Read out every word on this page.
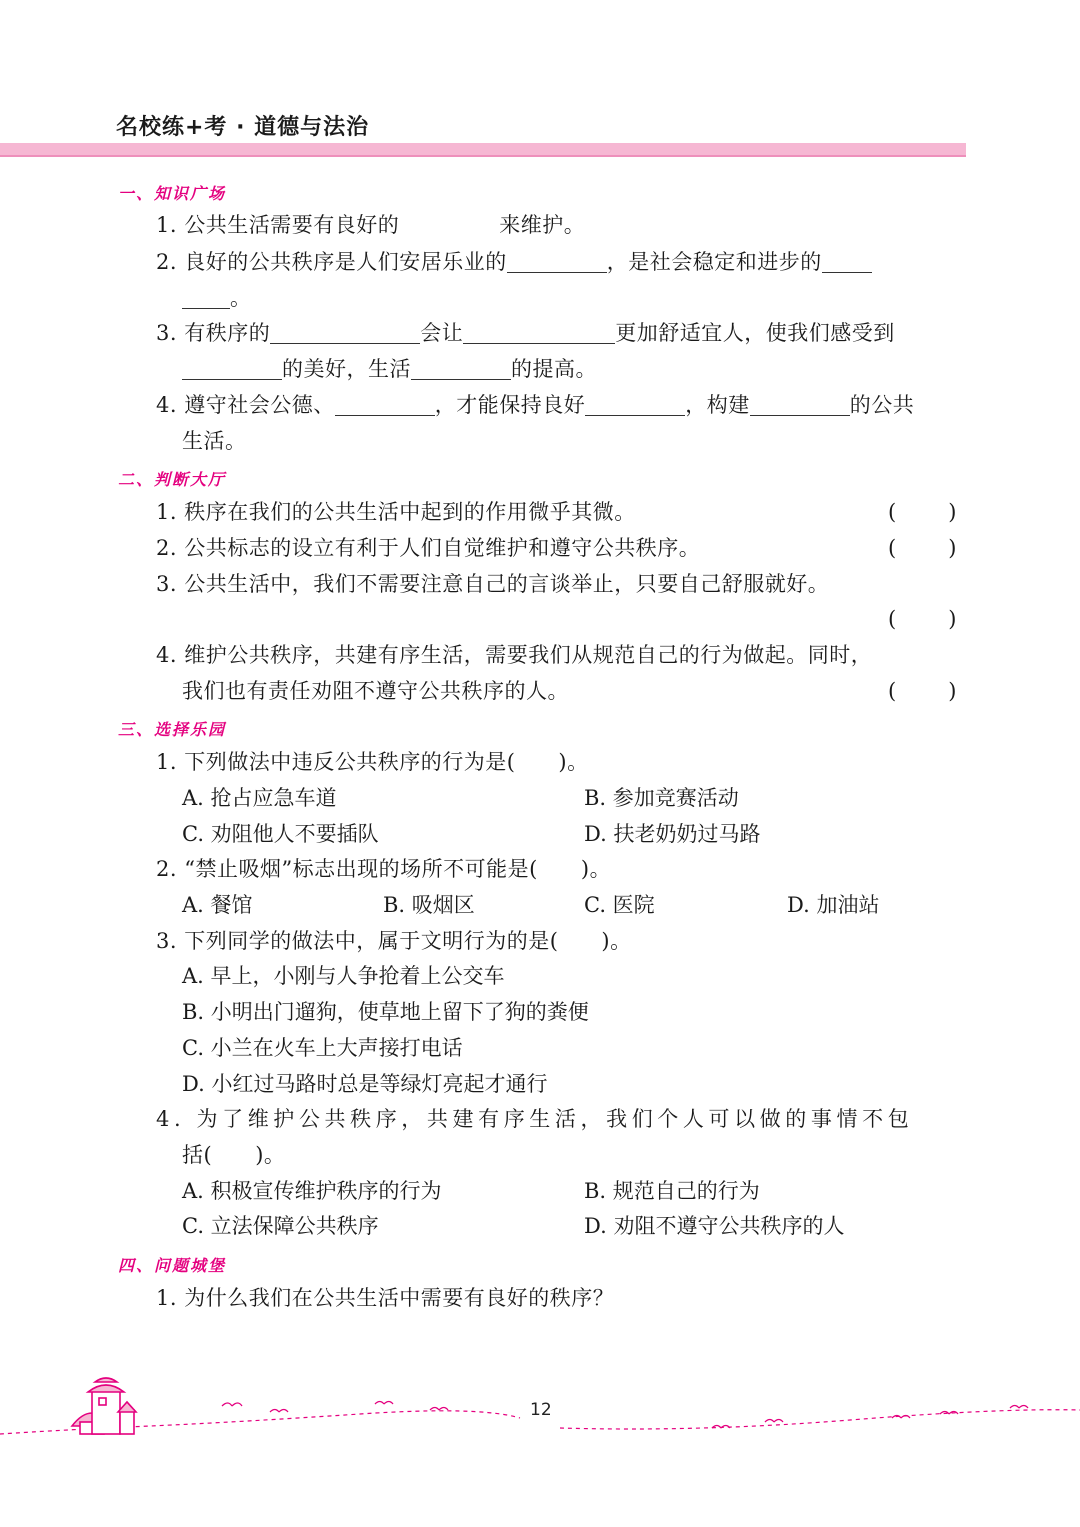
名校练+考 · 道德与法治
一、知识广场
1. 公共生活需要有良好的	来维护。
2. 良好的公共秩序是人们安居乐业的	，是社会稳定和进步的
。
3. 有秩序的	会让	更加舒适宜人，使我们感受到
的美好，生活	的提高。
4. 遵守社会公德、	，才能保持良好	，构建	的公共
生活。
二、判断大厅
1. 秩序在我们的公共生活中起到的作用微乎其微。	( )
2. 公共标志的设立有利于人们自觉维护和遵守公共秩序。	( )
3. 公共生活中，我们不需要注意自己的言谈举止，只要自己舒服就好。
( )
4. 维护公共秩序，共建有序生活，需要我们从规范自己的行为做起。同时，
我们也有责任劝阻不遵守公共秩序的人。	( )
三、选择乐园
1. 下列做法中违反公共秩序的行为是(　　)。
A. 抢占应急车道	B. 参加竞赛活动
C. 劝阻他人不要插队	D. 扶老奶奶过马路
2. “禁止吸烟”标志出现的场所不可能是(　　)。
A. 餐馆	B. 吸烟区	C. 医院	D. 加油站
3. 下列同学的做法中，属于文明行为的是(　　)。
A. 早上，小刚与人争抢着上公交车
B. 小明出门遛狗，使草地上留下了狗的粪便
C. 小兰在火车上大声接打电话
D. 小红过马路时总是等绿灯亮起才通行
4. 为了维护公共秩序，共建有序生活，我们个人可以做的事情不包
括(　　)。
A. 积极宣传维护秩序的行为	B. 规范自己的行为
C. 立法保障公共秩序	D. 劝阻不遵守公共秩序的人
四、问题城堡
1. 为什么我们在公共生活中需要有良好的秩序？
12
